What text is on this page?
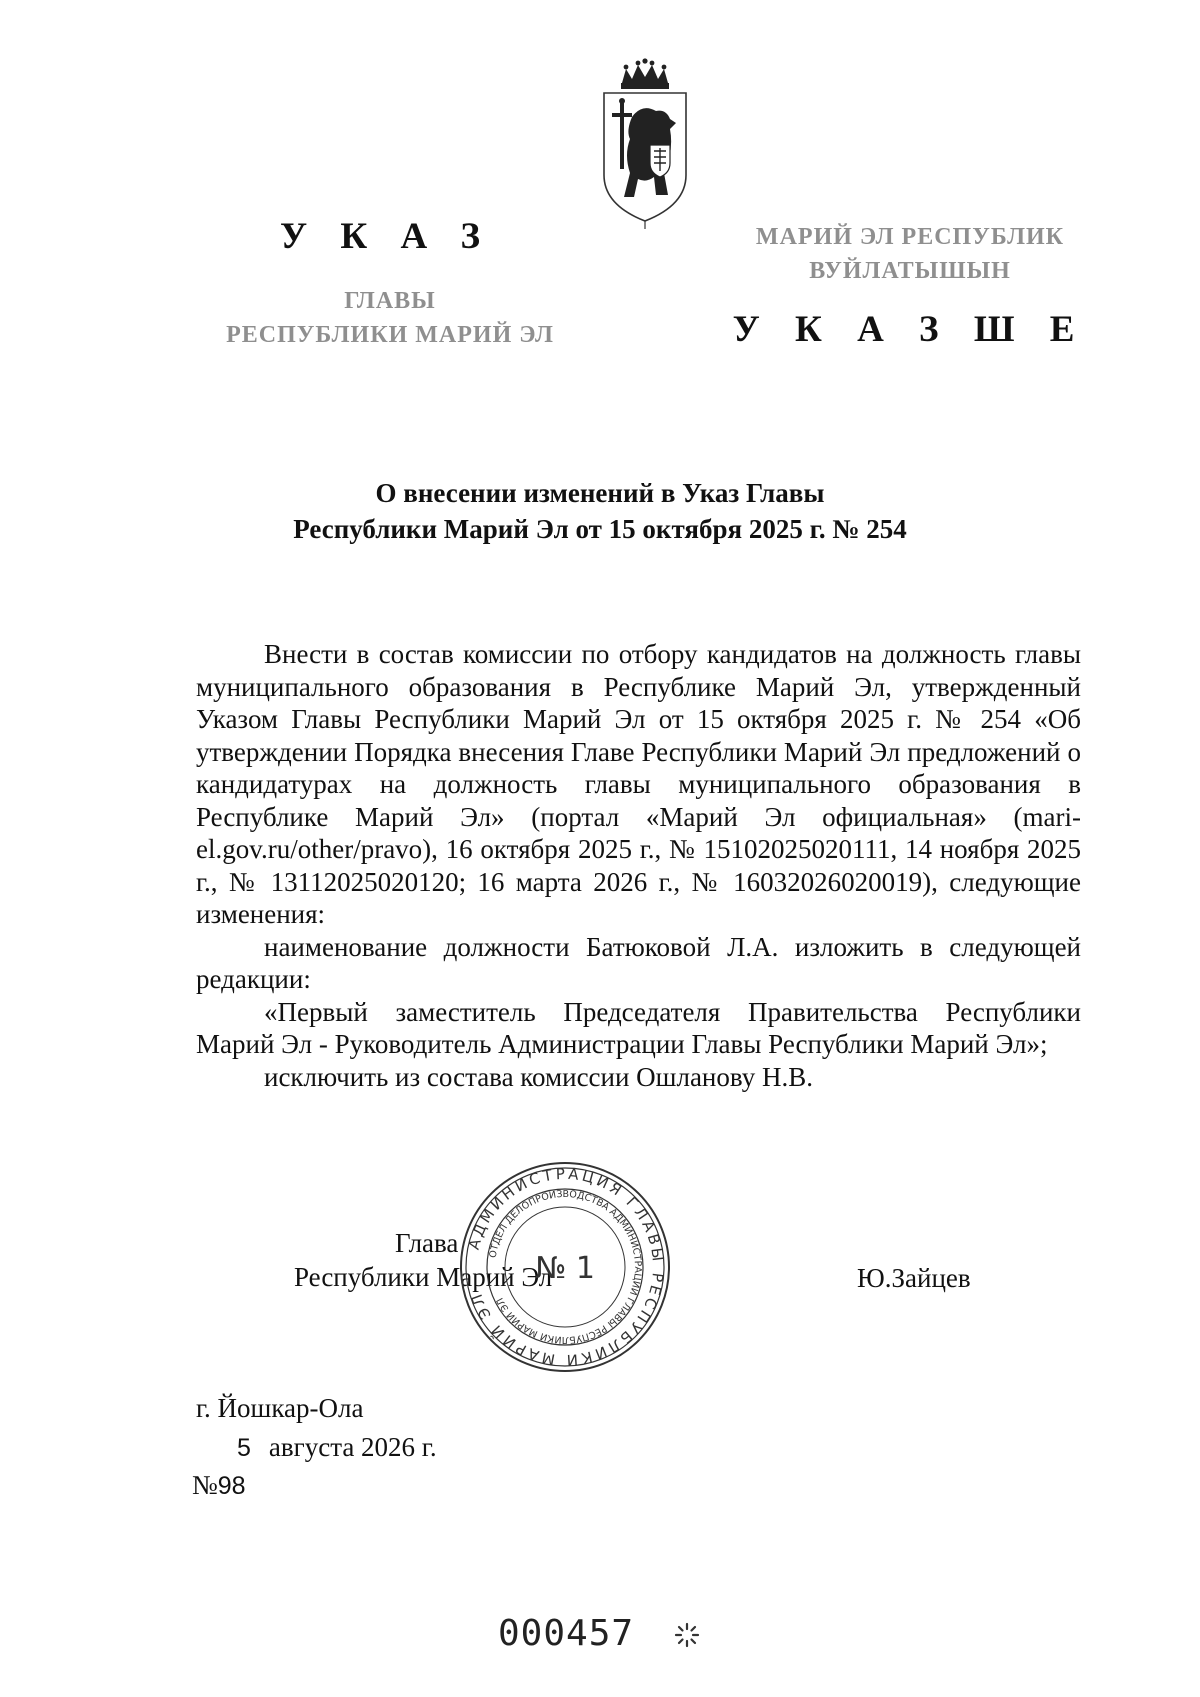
У К А З
ГЛАВЫ
РЕСПУБЛИКИ МАРИЙ ЭЛ
МАРИЙ ЭЛ РЕСПУБЛИК
ВУЙЛАТЫШЫН
У К А З Ш Е
О внесении изменений в Указ Главы
Республики Марий Эл от 15 октября 2025 г. № 254

Внести в состав комиссии по отбору кандидатов на должность главы муниципального образования в Республике Марий Эл, утвержденный Указом Главы Республики Марий Эл от 15 октября 2025 г. № 254 «Об утверждении Порядка внесения Главе Республики Марий Эл предложений о кандидатурах на должность главы муниципального образования в Республике Марий Эл» (портал «Марий Эл официальная» (mari-el.gov.ru/other/pravo), 16 октября 2025 г., № 15102025020111, 14 ноября 2025 г., № 13112025020120; 16 марта 2026 г., № 16032026020019), следующие изменения:

наименование должности Батюковой Л.А. изложить в следующей редакции:

«Первый заместитель Председателя Правительства Республики Марий Эл - Руководитель Администрации Главы Республики Марий Эл»;

исключить из состава комиссии Ошланову Н.В.

Глава
Республики Марий Эл	Ю.Зайцев
АДМИНИСТРАЦИЯ ГЛАВЫ РЕСПУБЛИКИ МАРИЙ ЭЛ
ОТДЕЛ ДЕЛОПРОИЗВОДСТВА АДМИНИСТРАЦИИ ГЛАВЫ РЕСПУБЛИКИ МАРИЙ ЭЛ
№ 1
г. Йошкар-Ола
5 августа 2026 г.
№98
000457
